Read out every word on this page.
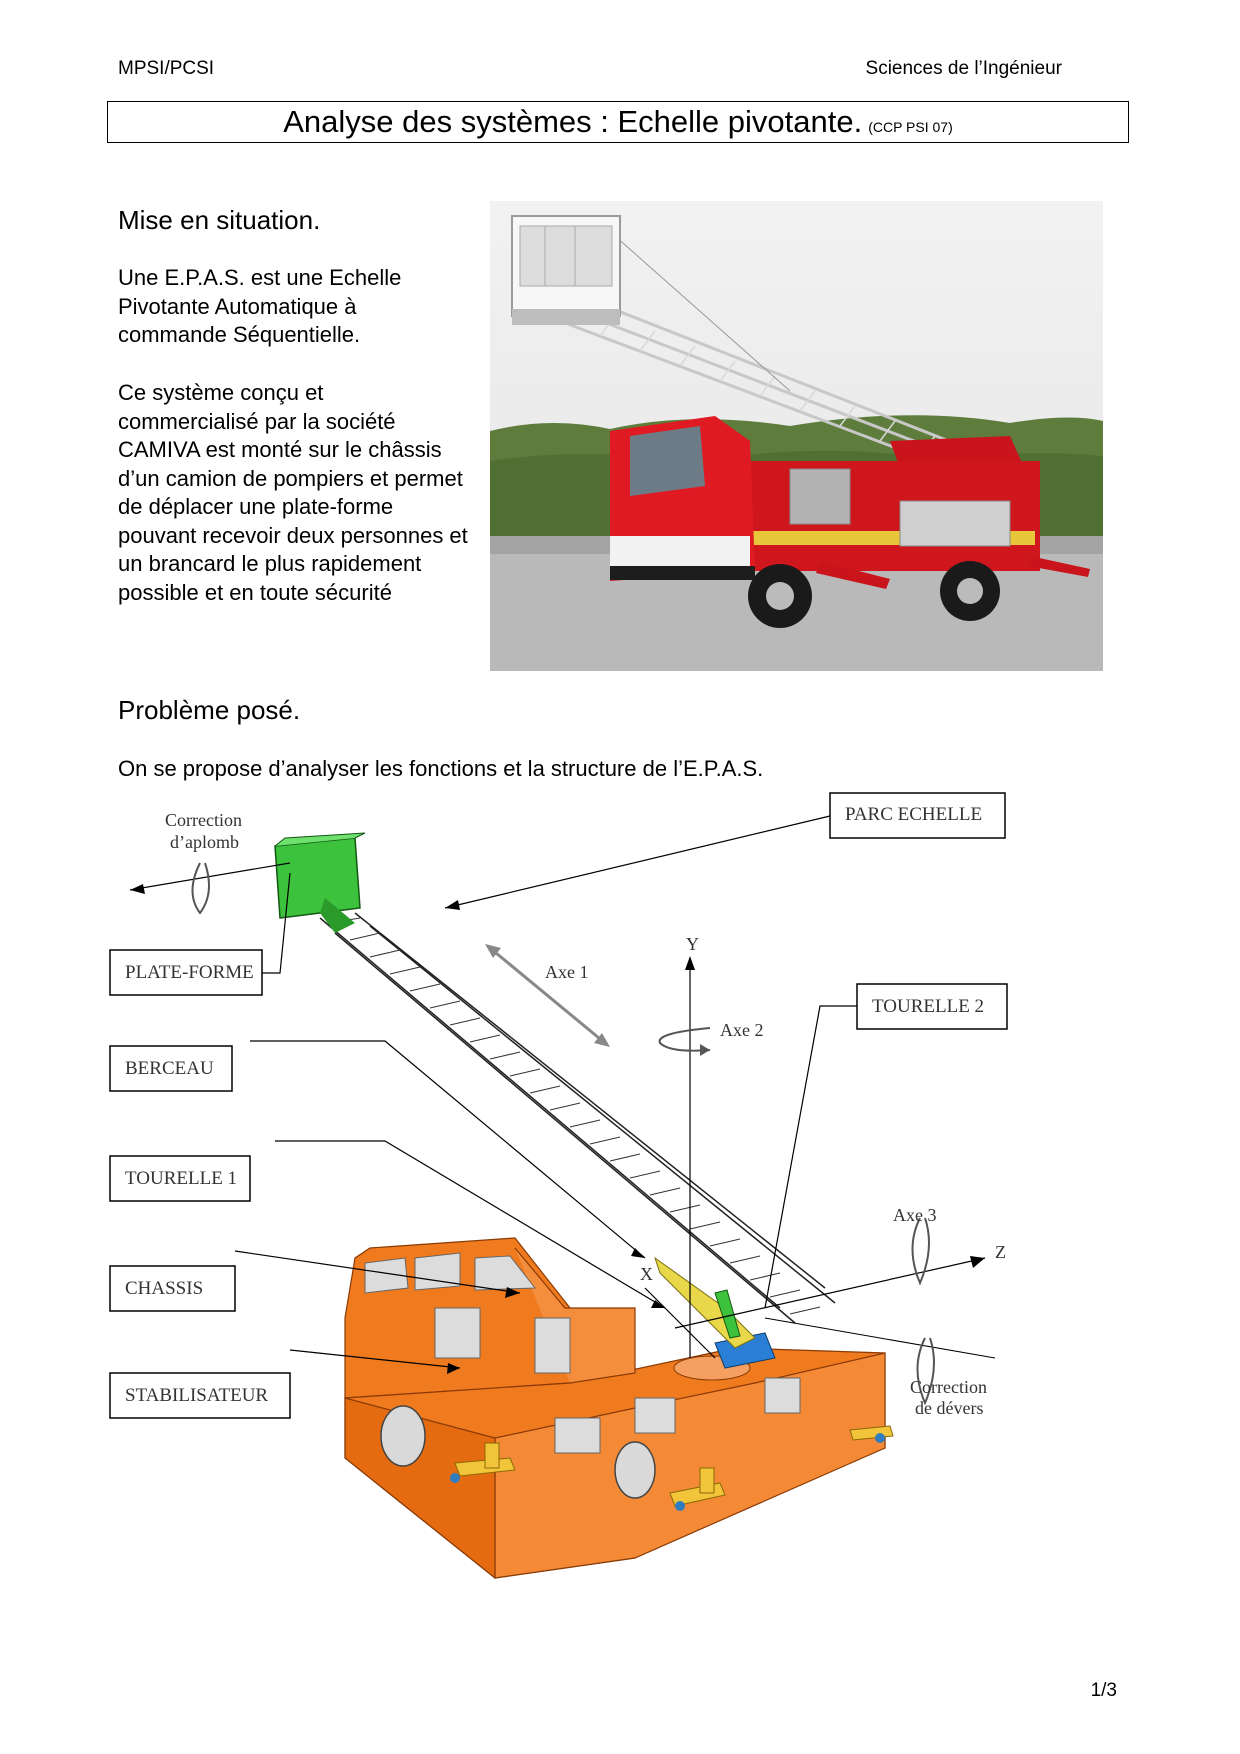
MPSI/PCSI	Sciences de l’Ingénieur
Analyse des systèmes : Echelle pivotante. (CCP PSI 07)
Mise en situation.
Une E.P.A.S. est une Echelle Pivotante Automatique à commande Séquentielle.
Ce système conçu et commercialisé par la société CAMIVA est monté sur le châssis d’un camion de pompiers et permet de déplacer une plate-forme pouvant recevoir deux personnes et un brancard le plus rapidement possible et en toute sécurité
Problème posé.
On se propose d’analyser les fonctions et la structure de l’E.P.A.S.
Y
Axe 2
Axe 1
X
Z
Axe 3
Correction
de dévers
Correction
d’aplomb
PARC ECHELLE
PLATE-FORME
BERCEAU
TOURELLE 1
CHASSIS
STABILISATEUR
TOURELLE 2
1/3
